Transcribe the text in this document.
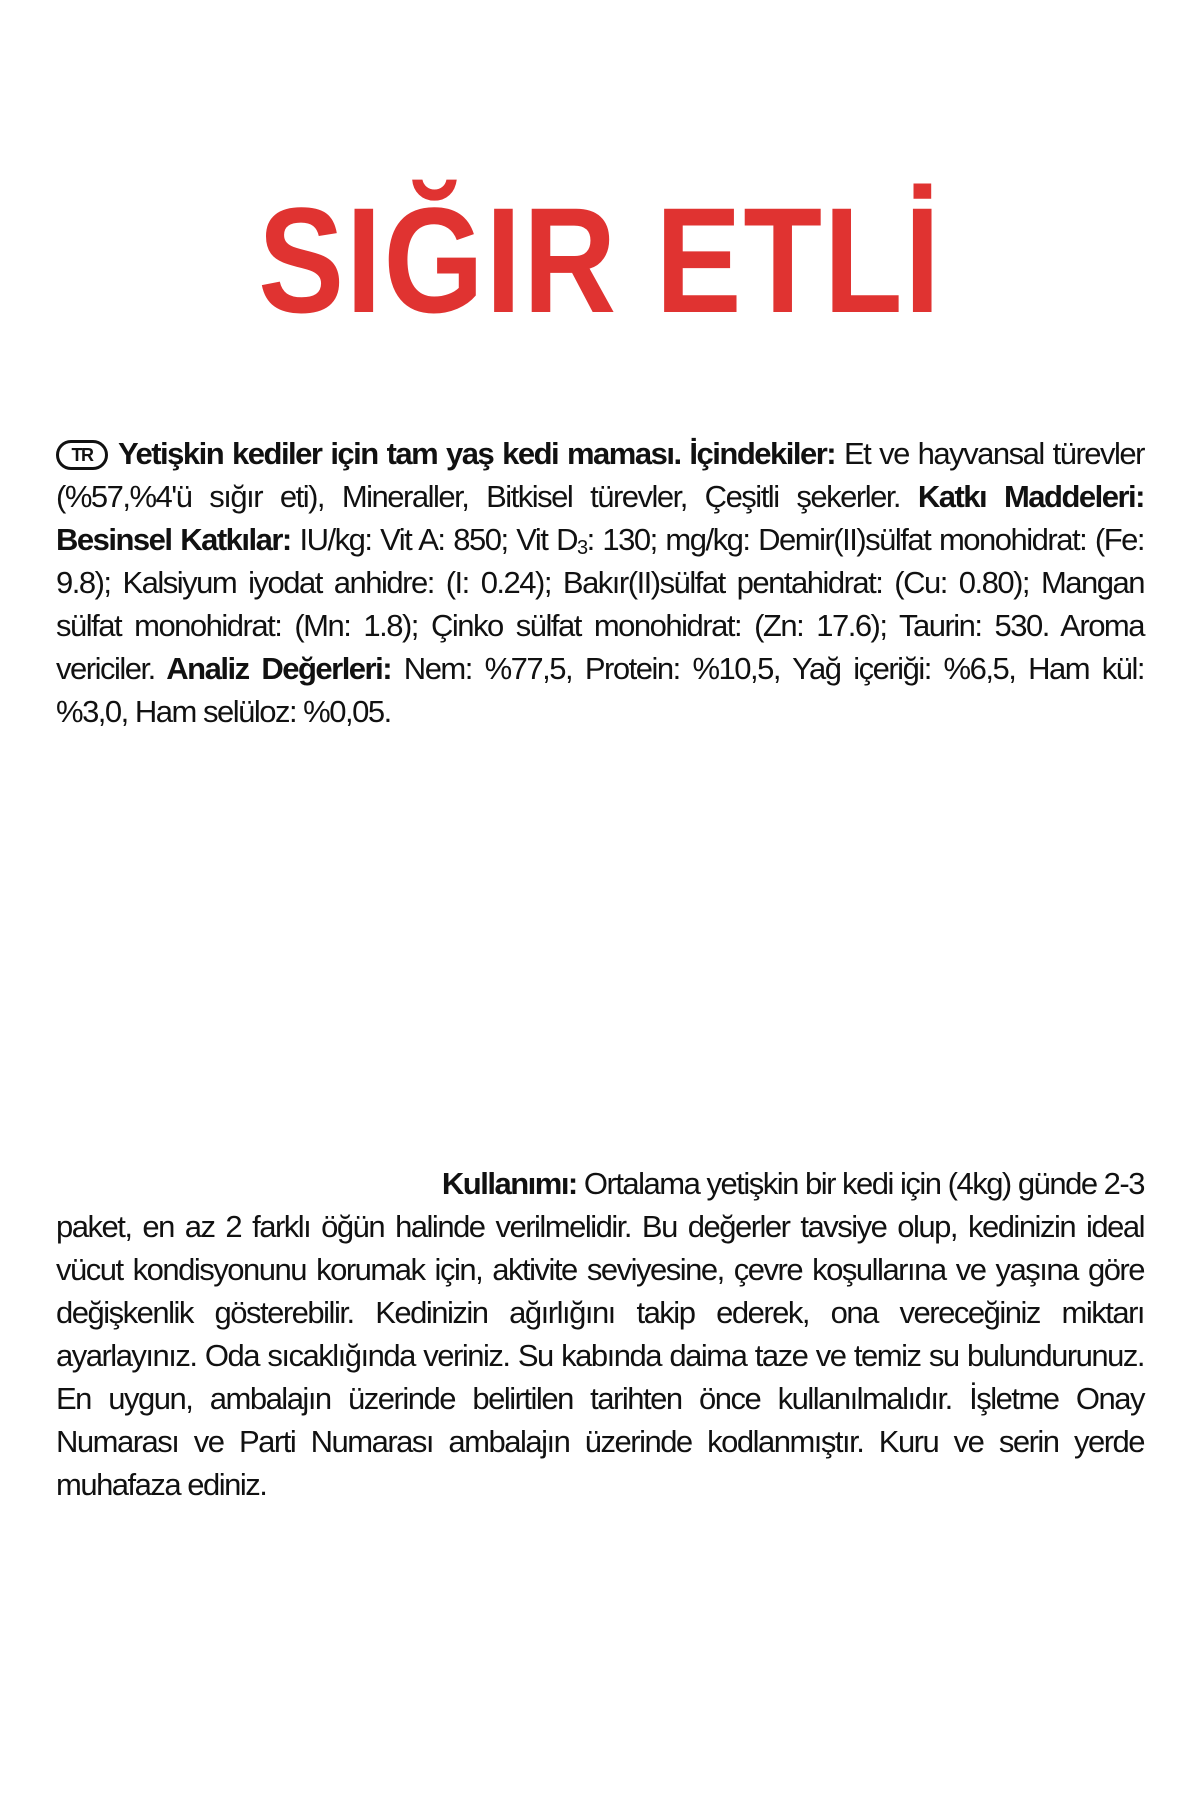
SIĞIR ETLİ
TR Yetişkin kediler için tam yaş kedi maması. İçindekiler: Et ve hayvansal türevler (%57,%4'ü sığır eti), Mineraller, Bitkisel türevler, Çeşitli şekerler. Katkı Maddeleri: Besinsel Katkılar: IU/kg: Vit A: 850; Vit $D_3$: 130; mg/kg: Demir(II)sülfat monohidrat: (Fe: 9.8); Kalsiyum iyodat anhidre: (I: 0.24); Bakır(II)sülfat pentahidrat: (Cu: 0.80); Mangan sülfat monohidrat: (Mn: 1.8); Çinko sülfat monohidrat: (Zn: 17.6); Taurin: 530. Aroma vericiler. Analiz Değerleri: Nem: %77,5, Protein: %10,5, Yağ içeriği: %6,5, Ham kül: %3,0, Ham selüloz: %0,05.
Kullanımı: Ortalama yetişkin bir kedi için (4kg) günde 2-3
paket, en az 2 farklı öğün halinde verilmelidir. Bu değerler tavsiye olup, kedinizin ideal vücut kondisyonunu korumak için, aktivite seviyesine, çevre koşullarına ve yaşına göre değişkenlik gösterebilir. Kedinizin ağırlığını takip ederek, ona vereceğiniz miktarı ayarlayınız. Oda sıcaklığında veriniz. Su kabında daima taze ve temiz su bulundurunuz. En uygun, ambalajın üzerinde belirtilen tarihten önce kullanılmalıdır. İşletme Onay Numarası ve Parti Numarası ambalajın üzerinde kodlanmıştır. Kuru ve serin yerde muhafaza ediniz.
